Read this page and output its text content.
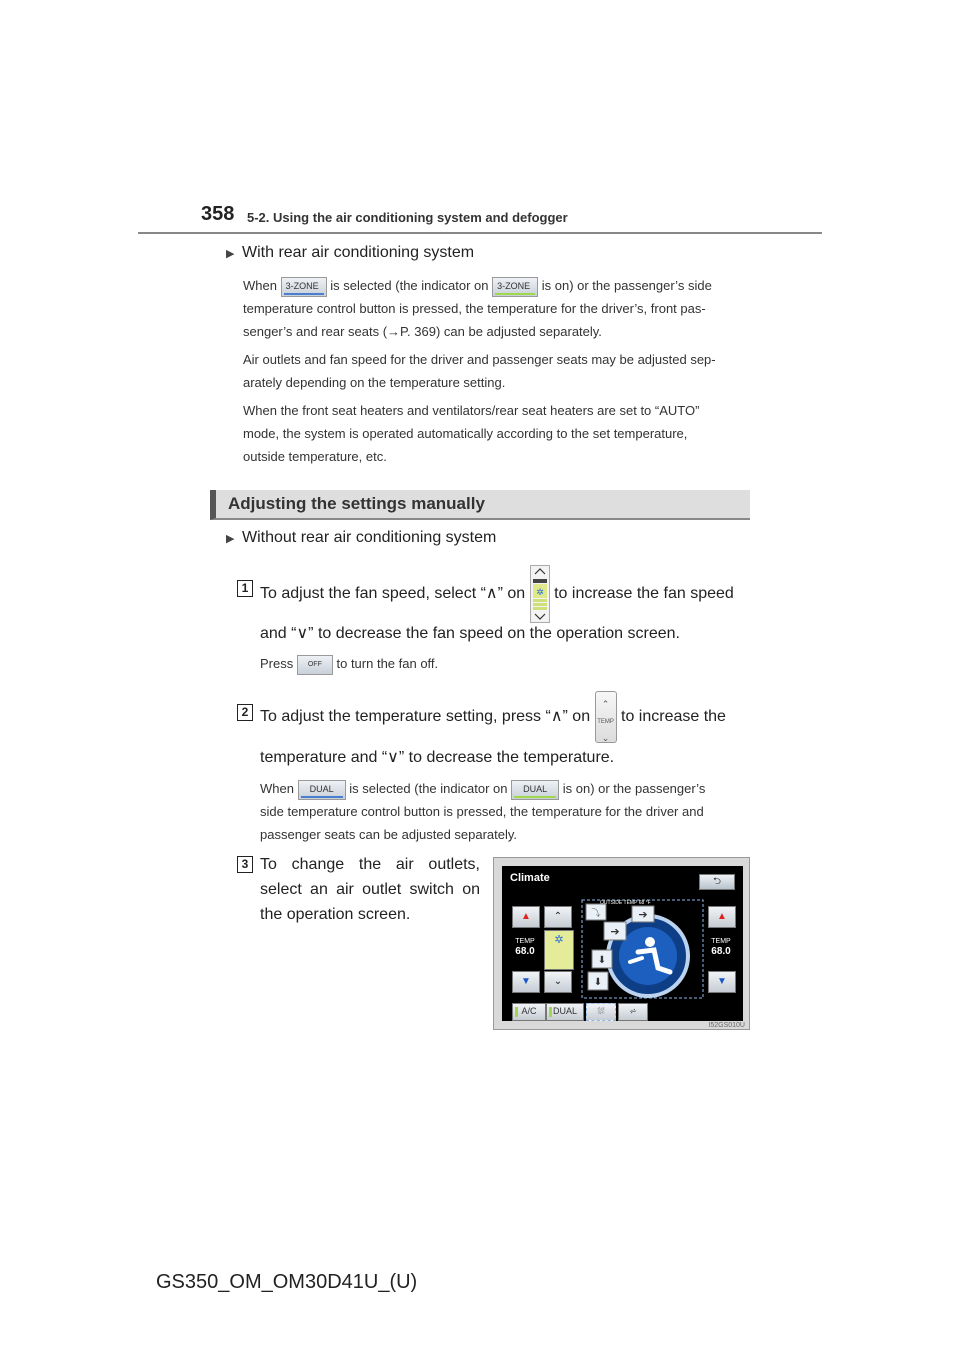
358 5-2. Using the air conditioning system and defogger
▶ With rear air conditioning system
When 3-ZONE is selected (the indicator on 3-ZONE is on) or the passenger’s side
temperature control button is pressed, the temperature for the driver’s, front pas-
senger’s and rear seats (→P. 369) can be adjusted separately.
Air outlets and fan speed for the driver and passenger seats may be adjusted sep-
arately depending on the temperature setting.
When the front seat heaters and ventilators/rear seat heaters are set to “AUTO”
mode, the system is operated automatically according to the set temperature,
outside temperature, etc.
Adjusting the settings manually
▶ Without rear air conditioning system
1 To adjust the fan speed, select “∧” on ✲ to increase the fan speed
and “∨” to decrease the fan speed on the operation screen.
Press OFF to turn the fan off.
2 To adjust the temperature setting, press “∧” on
⌃
TEMP
⌄
to increase the
temperature and “∨” to decrease the temperature.
When DUAL is selected (the indicator on DUAL is on) or the passenger’s
side temperature control button is pressed, the temperature for the driver and
passenger seats can be adjusted separately.
3 To change the air outlets,
select an air outlet switch on
the operation screen.
Climate	⮌
▲
TEMP
68.0
▼
⌃
✲
⌄
➔
➔
⬇
⬇
⤵
OUTSIDE TEMP 68 °F
▲
TEMP
68.0
▼
A/C	DUAL	⛆	⩫
I52GS010U
GS350_OM_OM30D41U_(U)
